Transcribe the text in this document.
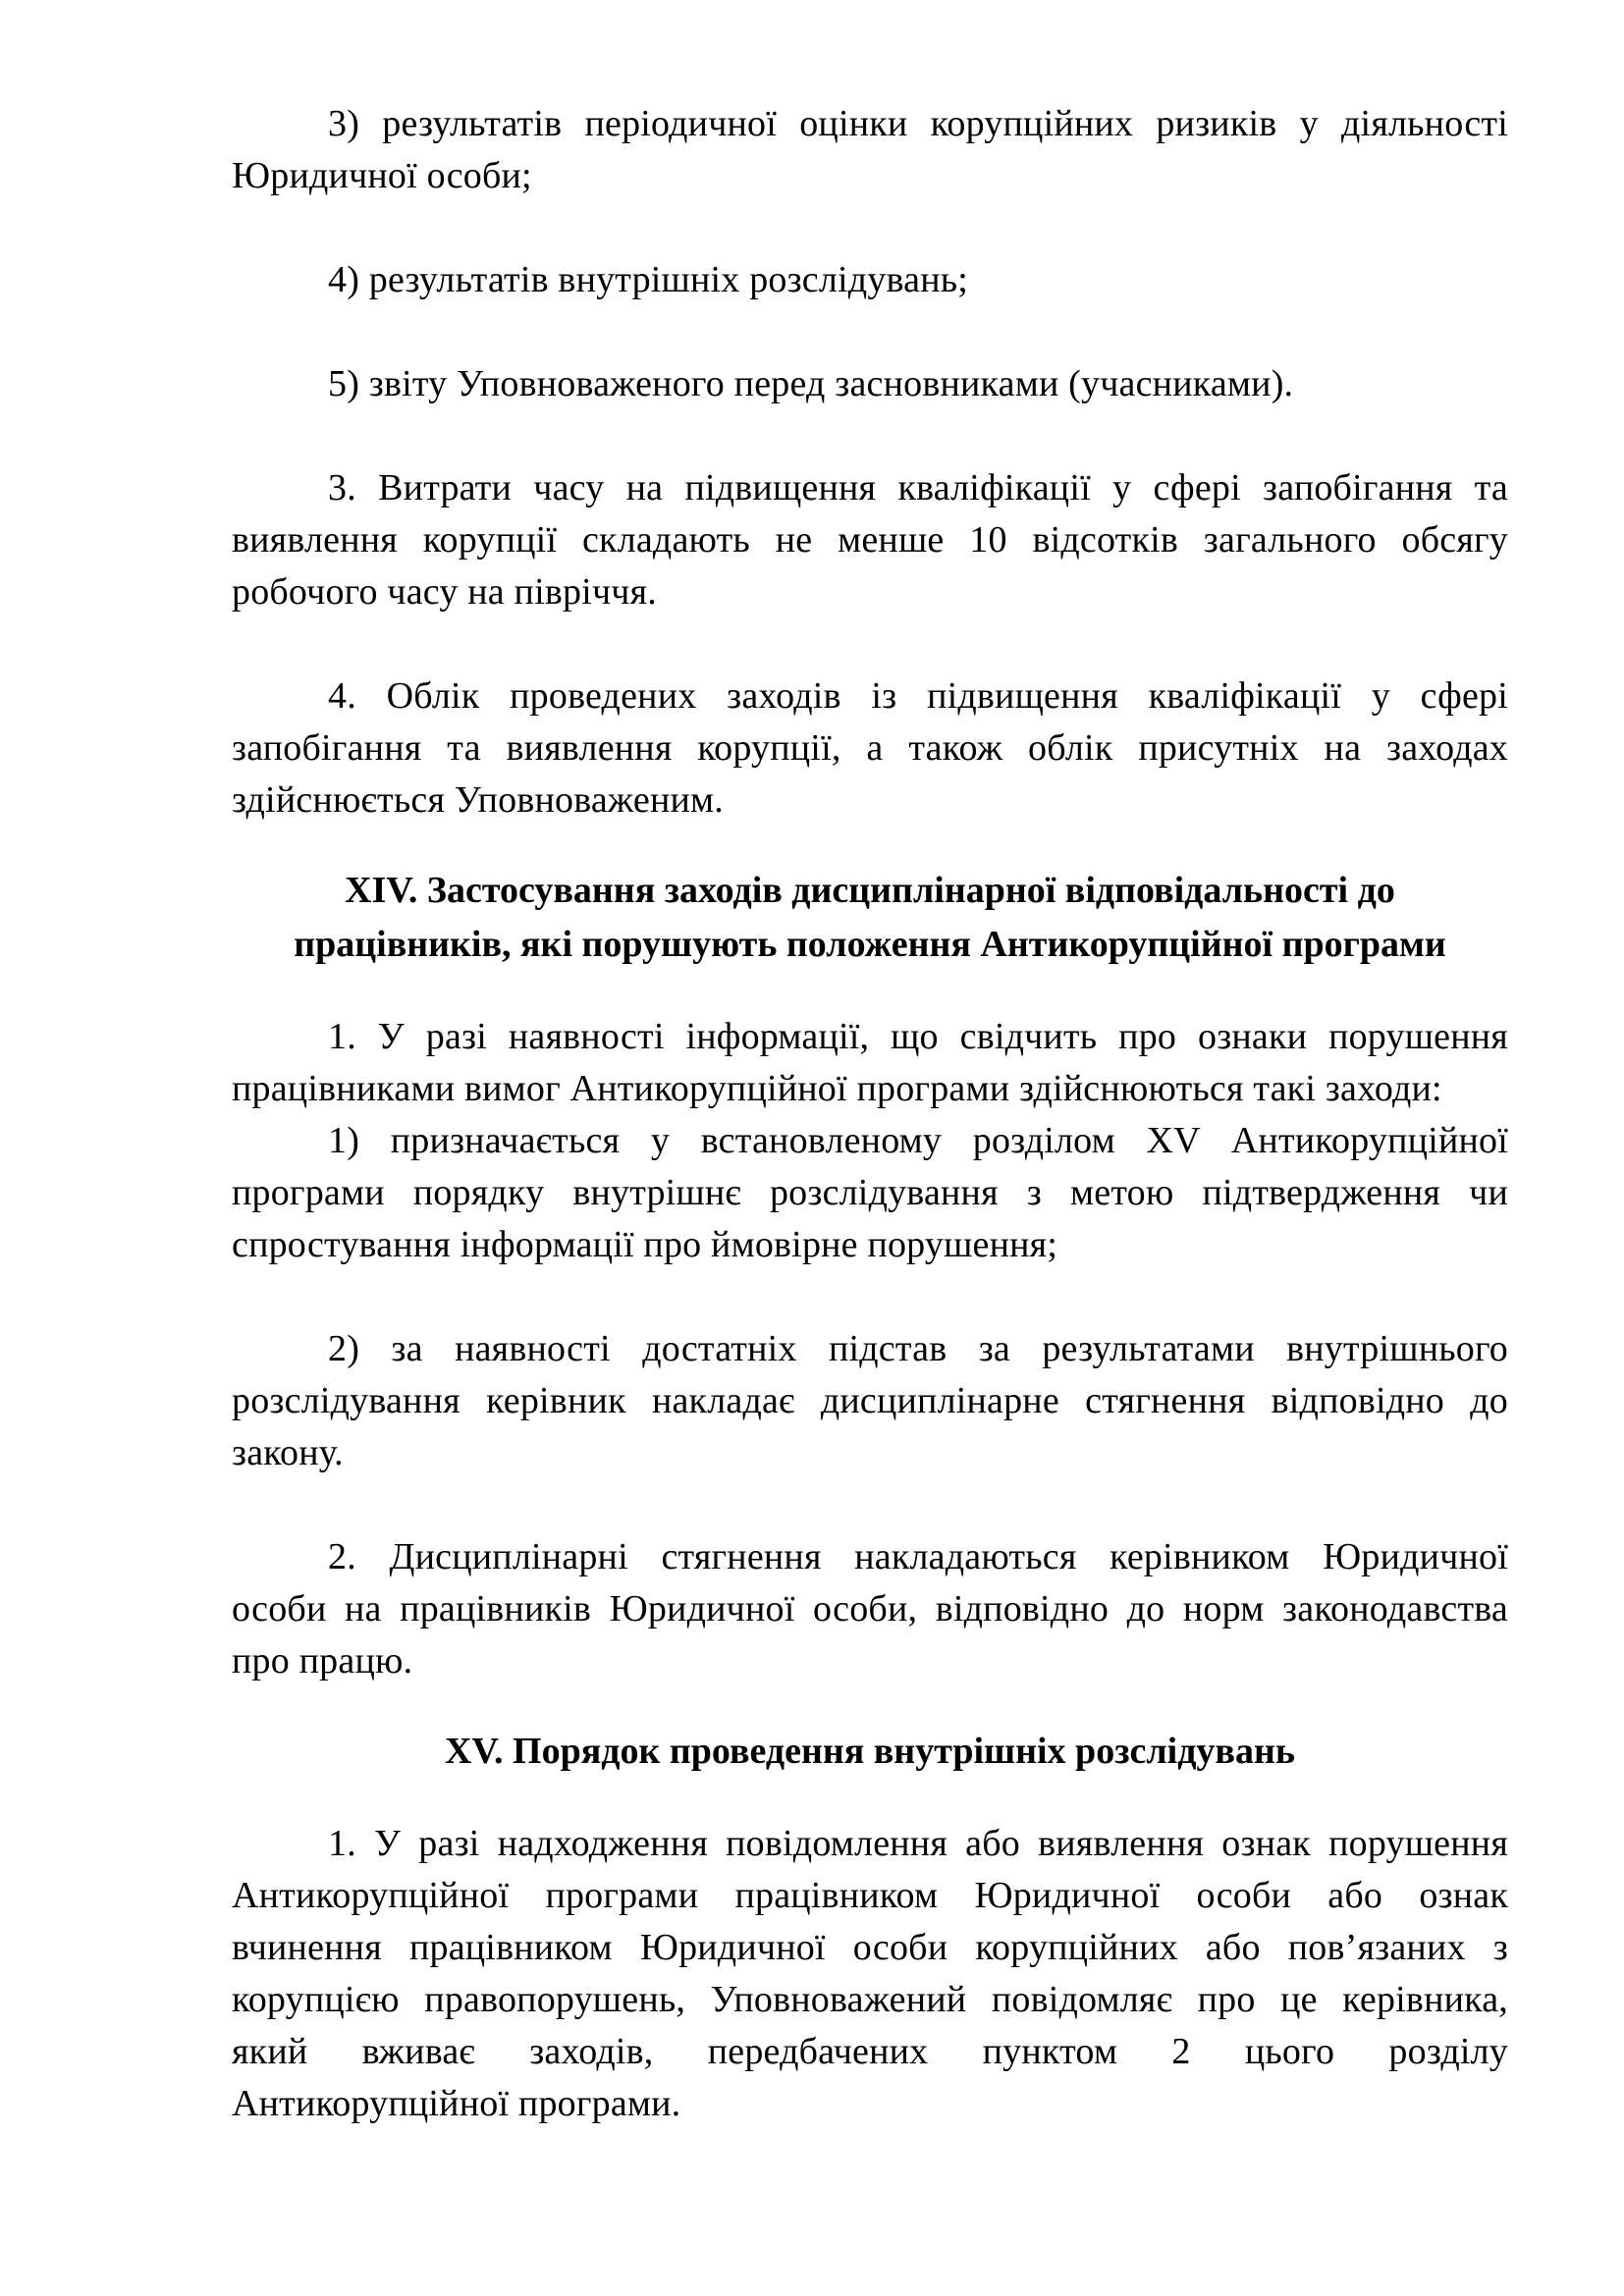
3) результатів періодичної оцінки корупційних ризиків у діяльності
Юридичної особи;
4) результатів внутрішніх розслідувань;
5) звіту Уповноваженого перед засновниками (учасниками).
3. Витрати часу на підвищення кваліфікації у сфері запобігання та
виявлення корупції складають не менше 10 відсотків загального обсягу
робочого часу на півріччя.
4. Облік проведених заходів із підвищення кваліфікації у сфері
запобігання та виявлення корупції, а також облік присутніх на заходах
здійснюється Уповноваженим.
XIV. Застосування заходів дисциплінарної відповідальності до
працівників, які порушують положення Антикорупційної програми
1. У разі наявності інформації, що свідчить про ознаки порушення
працівниками вимог Антикорупційної програми здійснюються такі заходи:
1) призначається у встановленому розділом XV Антикорупційної
програми порядку внутрішнє розслідування з метою підтвердження чи
спростування інформації про ймовірне порушення;
2) за наявності достатніх підстав за результатами внутрішнього
розслідування керівник накладає дисциплінарне стягнення відповідно до
закону.
2. Дисциплінарні стягнення накладаються керівником Юридичної
особи на працівників Юридичної особи, відповідно до норм законодавства
про працю.
XV. Порядок проведення внутрішніх розслідувань
1. У разі надходження повідомлення або виявлення ознак порушення
Антикорупційної програми працівником Юридичної особи або ознак
вчинення працівником Юридичної особи корупційних або пов’язаних з
корупцією правопорушень, Уповноважений повідомляє про це керівника,
який вживає заходів, передбачених пунктом 2 цього розділу
Антикорупційної програми.
